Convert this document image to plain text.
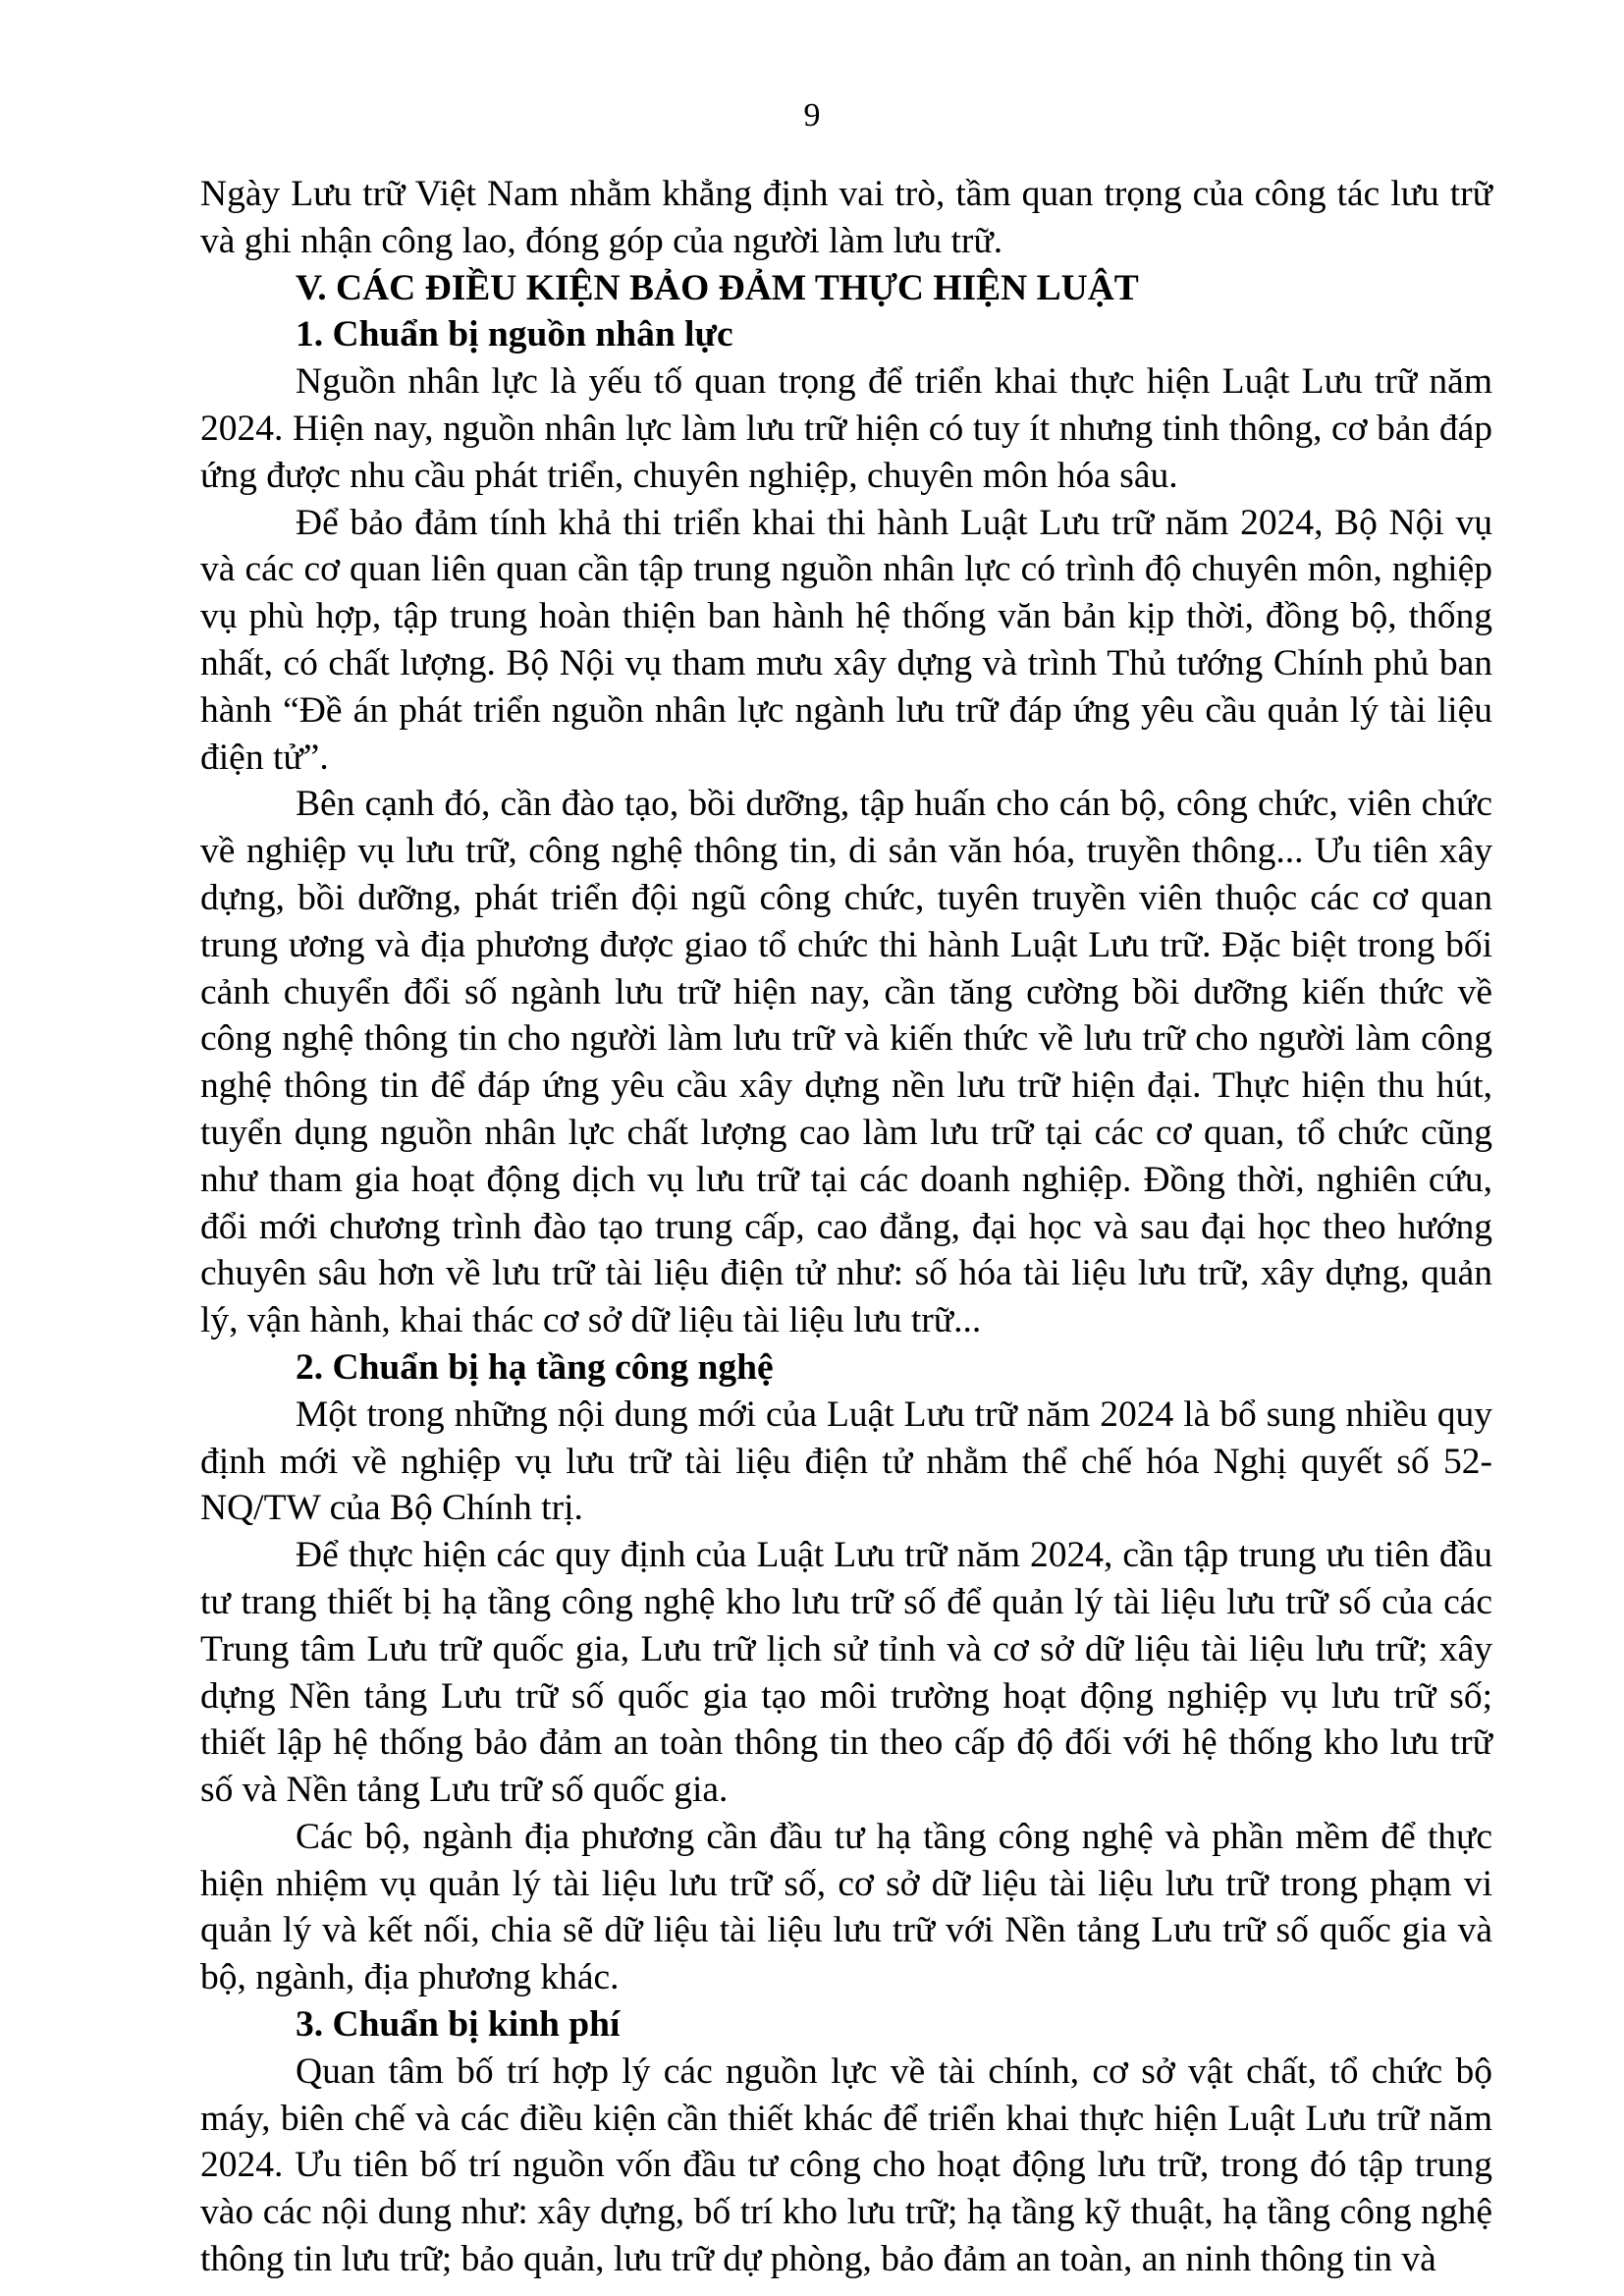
9

Ngày Lưu trữ Việt Nam nhằm khẳng định vai trò, tầm quan trọng của công tác lưu trữ và ghi nhận công lao, đóng góp của người làm lưu trữ.

V. CÁC ĐIỀU KIỆN BẢO ĐẢM THỰC HIỆN LUẬT
1. Chuẩn bị nguồn nhân lực

Nguồn nhân lực là yếu tố quan trọng để triển khai thực hiện Luật Lưu trữ năm 2024. Hiện nay, nguồn nhân lực làm lưu trữ hiện có tuy ít nhưng tinh thông, cơ bản đáp ứng được nhu cầu phát triển, chuyên nghiệp, chuyên môn hóa sâu.

Để bảo đảm tính khả thi triển khai thi hành Luật Lưu trữ năm 2024, Bộ Nội vụ và các cơ quan liên quan cần tập trung nguồn nhân lực có trình độ chuyên môn, nghiệp vụ phù hợp, tập trung hoàn thiện ban hành hệ thống văn bản kịp thời, đồng bộ, thống nhất, có chất lượng. Bộ Nội vụ tham mưu xây dựng và trình Thủ tướng Chính phủ ban hành “Đề án phát triển nguồn nhân lực ngành lưu trữ đáp ứng yêu cầu quản lý tài liệu điện tử”.

Bên cạnh đó, cần đào tạo, bồi dưỡng, tập huấn cho cán bộ, công chức, viên chức về nghiệp vụ lưu trữ, công nghệ thông tin, di sản văn hóa, truyền thông... Ưu tiên xây dựng, bồi dưỡng, phát triển đội ngũ công chức, tuyên truyền viên thuộc các cơ quan trung ương và địa phương được giao tổ chức thi hành Luật Lưu trữ. Đặc biệt trong bối cảnh chuyển đổi số ngành lưu trữ hiện nay, cần tăng cường bồi dưỡng kiến thức về công nghệ thông tin cho người làm lưu trữ và kiến thức về lưu trữ cho người làm công nghệ thông tin để đáp ứng yêu cầu xây dựng nền lưu trữ hiện đại. Thực hiện thu hút, tuyển dụng nguồn nhân lực chất lượng cao làm lưu trữ tại các cơ quan, tổ chức cũng như tham gia hoạt động dịch vụ lưu trữ tại các doanh nghiệp. Đồng thời, nghiên cứu, đổi mới chương trình đào tạo trung cấp, cao đẳng, đại học và sau đại học theo hướng chuyên sâu hơn về lưu trữ tài liệu điện tử như: số hóa tài liệu lưu trữ, xây dựng, quản lý, vận hành, khai thác cơ sở dữ liệu tài liệu lưu trữ...

2. Chuẩn bị hạ tầng công nghệ

Một trong những nội dung mới của Luật Lưu trữ năm 2024 là bổ sung nhiều quy định mới về nghiệp vụ lưu trữ tài liệu điện tử nhằm thể chế hóa Nghị quyết số 52-NQ/TW của Bộ Chính trị.

Để thực hiện các quy định của Luật Lưu trữ năm 2024, cần tập trung ưu tiên đầu tư trang thiết bị hạ tầng công nghệ kho lưu trữ số để quản lý tài liệu lưu trữ số của các Trung tâm Lưu trữ quốc gia, Lưu trữ lịch sử tỉnh và cơ sở dữ liệu tài liệu lưu trữ; xây dựng Nền tảng Lưu trữ số quốc gia tạo môi trường hoạt động nghiệp vụ lưu trữ số; thiết lập hệ thống bảo đảm an toàn thông tin theo cấp độ đối với hệ thống kho lưu trữ số và Nền tảng Lưu trữ số quốc gia.

Các bộ, ngành địa phương cần đầu tư hạ tầng công nghệ và phần mềm để thực hiện nhiệm vụ quản lý tài liệu lưu trữ số, cơ sở dữ liệu tài liệu lưu trữ trong phạm vi quản lý và kết nối, chia sẽ dữ liệu tài liệu lưu trữ với Nền tảng Lưu trữ số quốc gia và bộ, ngành, địa phương khác.

3. Chuẩn bị kinh phí

Quan tâm bố trí hợp lý các nguồn lực về tài chính, cơ sở vật chất, tổ chức bộ máy, biên chế và các điều kiện cần thiết khác để triển khai thực hiện Luật Lưu trữ năm 2024. Ưu tiên bố trí nguồn vốn đầu tư công cho hoạt động lưu trữ, trong đó tập trung vào các nội dung như: xây dựng, bố trí kho lưu trữ; hạ tầng kỹ thuật, hạ tầng công nghệ thông tin lưu trữ; bảo quản, lưu trữ dự phòng, bảo đảm an toàn, an ninh thông tin và
